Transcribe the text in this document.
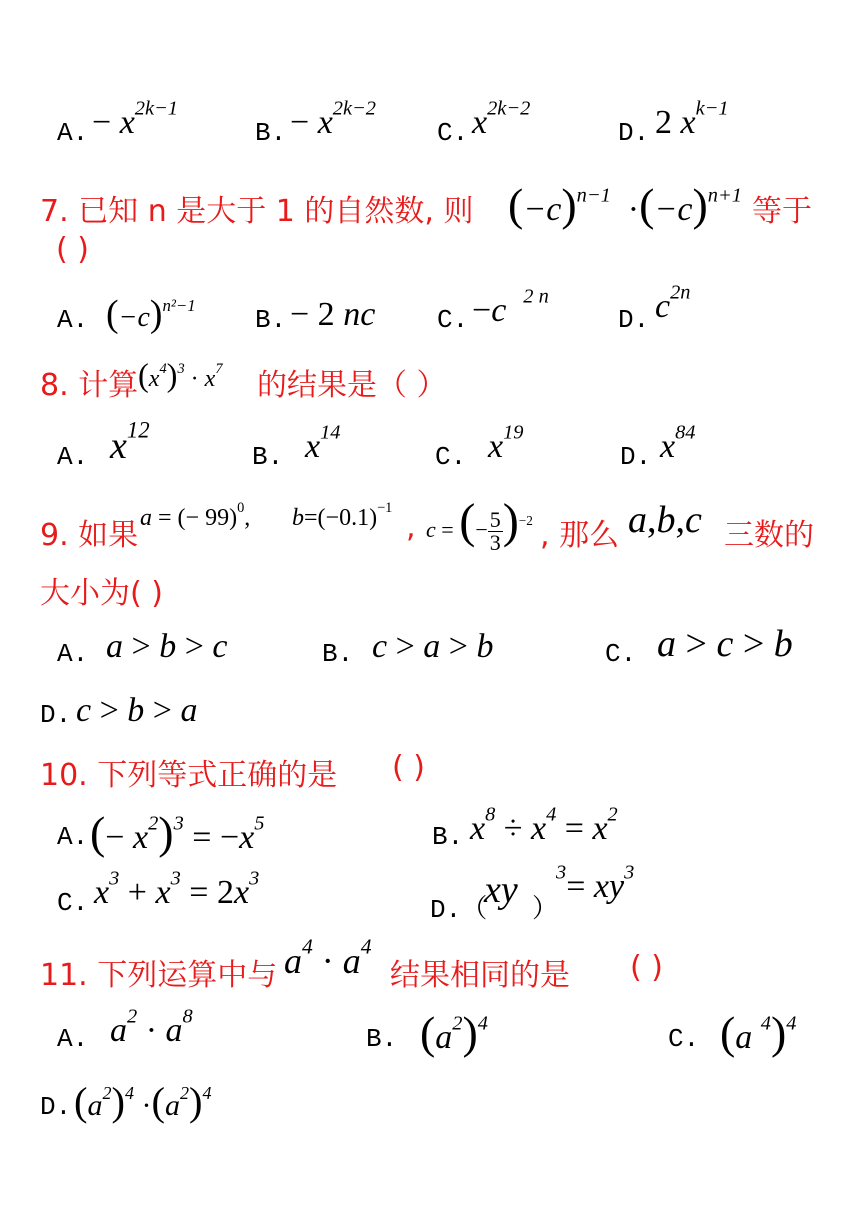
A. − $x^{2k-1}$
B. − $x^{2k-2}$
C. $x^{2k-2}$
D. 2 $x^{k-1}$
7. 已知 n 是大于 1 的自然数, 则 $(-c)^{n-1} \cdot(-c)^{n+1}$ 等于
( )
A. $(-c)^{n^2-1}$ B. − 2 nc C. −c  $^{2 n}$
D. $c^{2n}$
8. 计算 $(x^4)^3 \cdot x^7$ 的结果是（ ）
A. $x^{12}$
B. $x^{14}$
C. $x^{19}$
D. $x^{84}$
9. 如果 a = (− 99)$^0$, $b=(-0.1)^{-1}$
, c = (− $\frac{5}{3} )^{-2}$ , 那么 a,b,c 三数的
大小为( )
A. a > b > c	B. c > a > b	C. a > c > b
D. c > b > a
10. 下列等式正确的是 ( )
A. (− $x^2)^3 = -x^5$	B. $x^8 \div x^4 = x^2$
C. $x^3 + x^3 = 2x^3$
D.（
xy ）
$^3= xy^3$
11. 下列运算中与 $a^4 \cdot a^4$
结果相同的是 ( )
A. $a^2 \cdot a^8$
B. $(a^2)^4$
C. (a $^4$)$^4$
D. $(a^2)^4 \cdot(a^2)^4$
